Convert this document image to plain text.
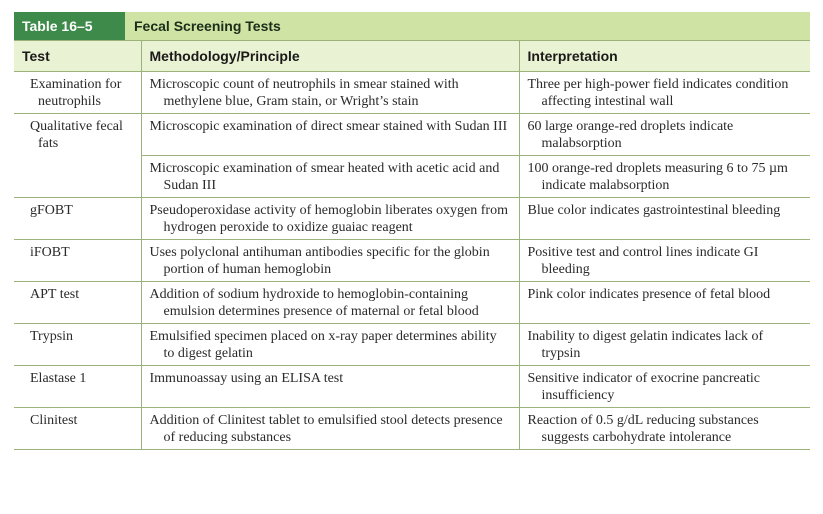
Table 16–5	Fecal Screening Tests
Test	Methodology/Principle	Interpretation

Examination for neutrophils	Microscopic count of neutrophils in smear stained with methylene blue, Gram stain, or Wright’s stain	Three per high-power field indicates condition affecting intestinal wall

Qualitative fecal fats	Microscopic examination of direct smear stained with Sudan III	60 large orange-red droplets indicate malabsorption

	Microscopic examination of smear heated with acetic acid and Sudan III	100 orange-red droplets measuring 6 to 75 µm indicate malabsorption

gFOBT	Pseudoperoxidase activity of hemoglobin liberates oxygen from hydrogen peroxide to oxidize guaiac reagent	Blue color indicates gastrointestinal bleeding

iFOBT	Uses polyclonal antihuman antibodies specific for the globin portion of human hemoglobin	Positive test and control lines indicate GI bleeding

APT test	Addition of sodium hydroxide to hemoglobin-containing emulsion determines presence of maternal or fetal blood	Pink color indicates presence of fetal blood

Trypsin	Emulsified specimen placed on x-ray paper determines ability to digest gelatin	Inability to digest gelatin indicates lack of trypsin

Elastase 1	Immunoassay using an ELISA test	Sensitive indicator of exocrine pancreatic insufficiency

Clinitest	Addition of Clinitest tablet to emulsified stool detects presence of reducing substances	Reaction of 0.5 g/dL reducing substances suggests carbohydrate intolerance
